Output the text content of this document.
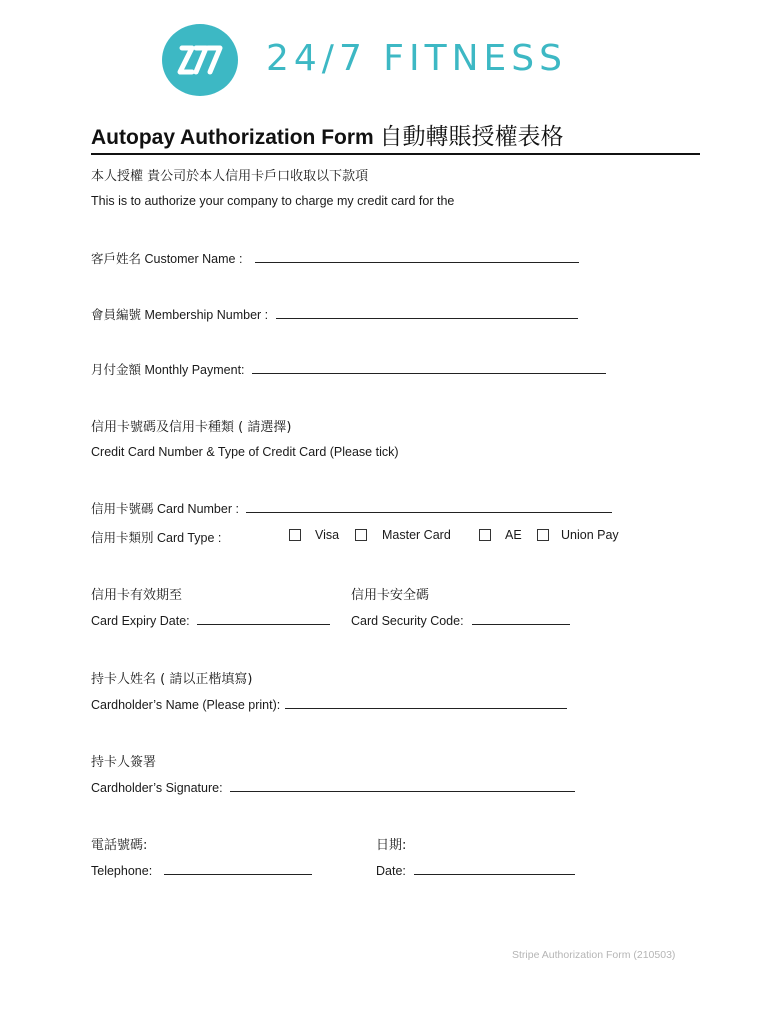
24/7 FITNESS
Autopay Authorization Form 自動轉賬授權表格
本人授權 貴公司於本人信用卡戶口收取以下款項
This is to authorize your company to charge my credit card for the
客戶姓名 Customer Name :
會員編號 Membership Number :
月付金額 Monthly Payment:
信用卡號碼及信用卡種類 ( 請選擇)
Credit Card Number & Type of Credit Card (Please tick)
信用卡號碼 Card Number :
信用卡類別 Card Type :	Visa	Master Card	AE	Union Pay
信用卡有效期至	信用卡安全碼
Card Expiry Date:	Card Security Code:
持卡人姓名 ( 請以正楷填寫)
Cardholder’s Name (Please print):
持卡人簽署
Cardholder’s Signature:
電話號碼:	日期:
Telephone:	Date:
Stripe Authorization Form (210503)
